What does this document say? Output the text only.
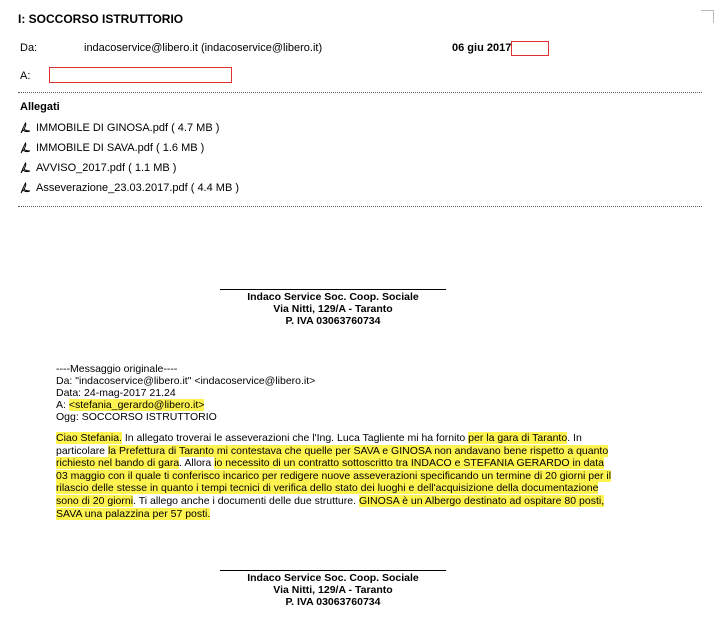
I: SOCCORSO ISTRUTTORIO
Da:	indacoservice@libero.it (indacoservice@libero.it)	06 giu 2017
A:
Allegati
IMMOBILE DI GINOSA.pdf ( 4.7 MB )
IMMOBILE DI SAVA.pdf ( 1.6 MB )
AVVISO_2017.pdf ( 1.1 MB )
Asseverazione_23.03.2017.pdf ( 4.4 MB )
Indaco Service Soc. Coop. Sociale
Via Nitti, 129/A - Taranto
P. IVA 03063760734
----Messaggio originale----
Da: "indacoservice@libero.it" <indacoservice@libero.it>
Data: 24-mag-2017 21.24
A: <stefania_gerardo@libero.it>
Ogg: SOCCORSO ISTRUTTORIO
Ciao Stefania. In allegato troverai le asseverazioni che l'Ing. Luca Tagliente mi ha fornito per la gara di Taranto. In particolare la Prefettura di Taranto mi contestava che quelle per SAVA e GINOSA non andavano bene rispetto a quanto richiesto nel bando di gara. Allora io necessito di un contratto sottoscritto tra INDACO e STEFANIA GERARDO in data 03 maggio con il quale ti conferisco incarico per redigere nuove asseverazioni specificando un termine di 20 giorni per il rilascio delle stesse in quanto i tempi tecnici di verifica dello stato dei luoghi e dell'acquisizione della documentazione sono di 20 giorni. Ti allego anche i documenti delle due strutture. GINOSA è un Albergo destinato ad ospitare 80 posti, SAVA una palazzina per 57 posti.
Indaco Service Soc. Coop. Sociale
Via Nitti, 129/A - Taranto
P. IVA 03063760734
